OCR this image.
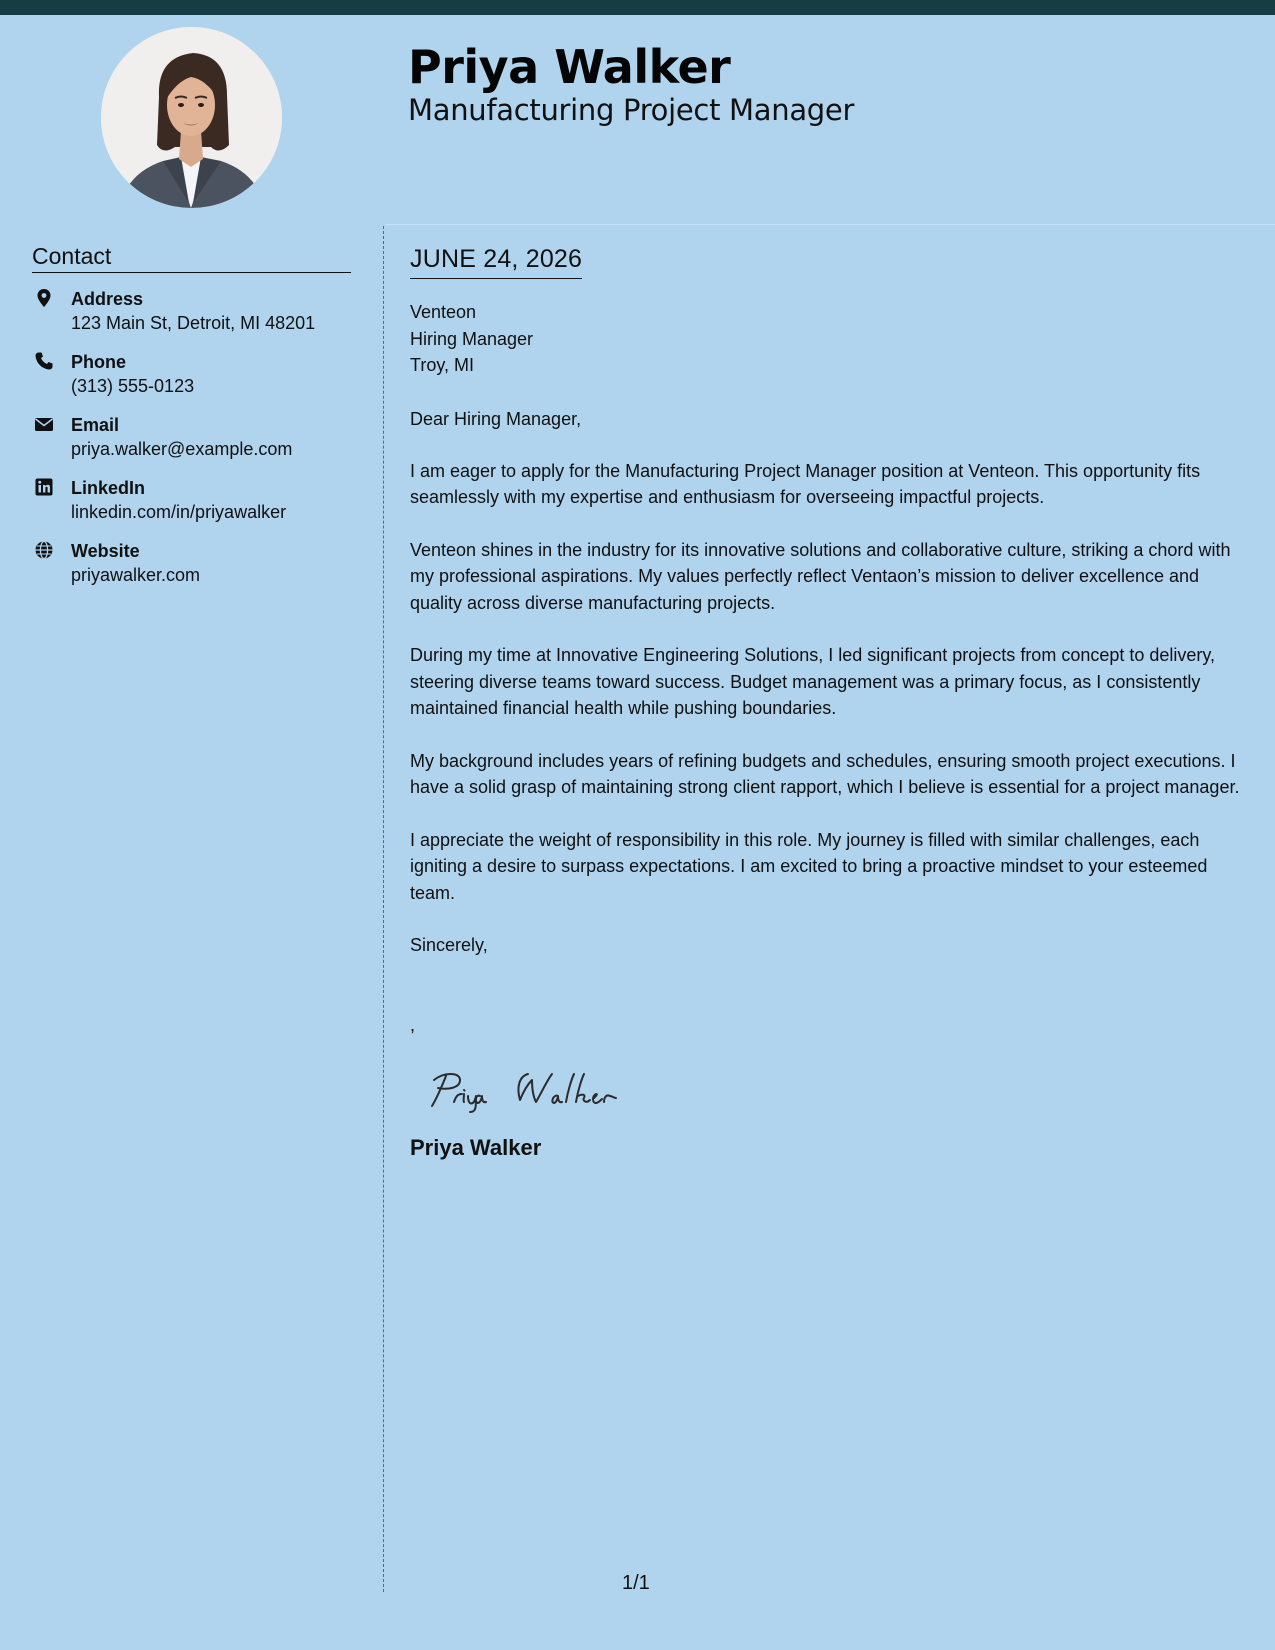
Priya Walker
Manufacturing Project Manager
Contact
Address
123 Main St, Detroit, MI 48201
Phone
(313) 555-0123
Email
priya.walker@example.com
LinkedIn
linkedin.com/in/priyawalker
Website
priyawalker.com
JUNE 24, 2026
Venteon
Hiring Manager
Troy, MI
Dear Hiring Manager,
I am eager to apply for the Manufacturing Project Manager position at Venteon. This opportunity fits seamlessly with my expertise and enthusiasm for overseeing impactful projects.
Venteon shines in the industry for its innovative solutions and collaborative culture, striking a chord with my professional aspirations. My values perfectly reflect Ventaon’s mission to deliver excellence and quality across diverse manufacturing projects.
During my time at Innovative Engineering Solutions, I led significant projects from concept to delivery, steering diverse teams toward success. Budget management was a primary focus, as I consistently maintained financial health while pushing boundaries.
My background includes years of refining budgets and schedules, ensuring smooth project executions. I have a solid grasp of maintaining strong client rapport, which I believe is essential for a project manager.
I appreciate the weight of responsibility in this role. My journey is filled with similar challenges, each igniting a desire to surpass expectations. I am excited to bring a proactive mindset to your esteemed team.
Sincerely,
,
Priya Walker
1/1
